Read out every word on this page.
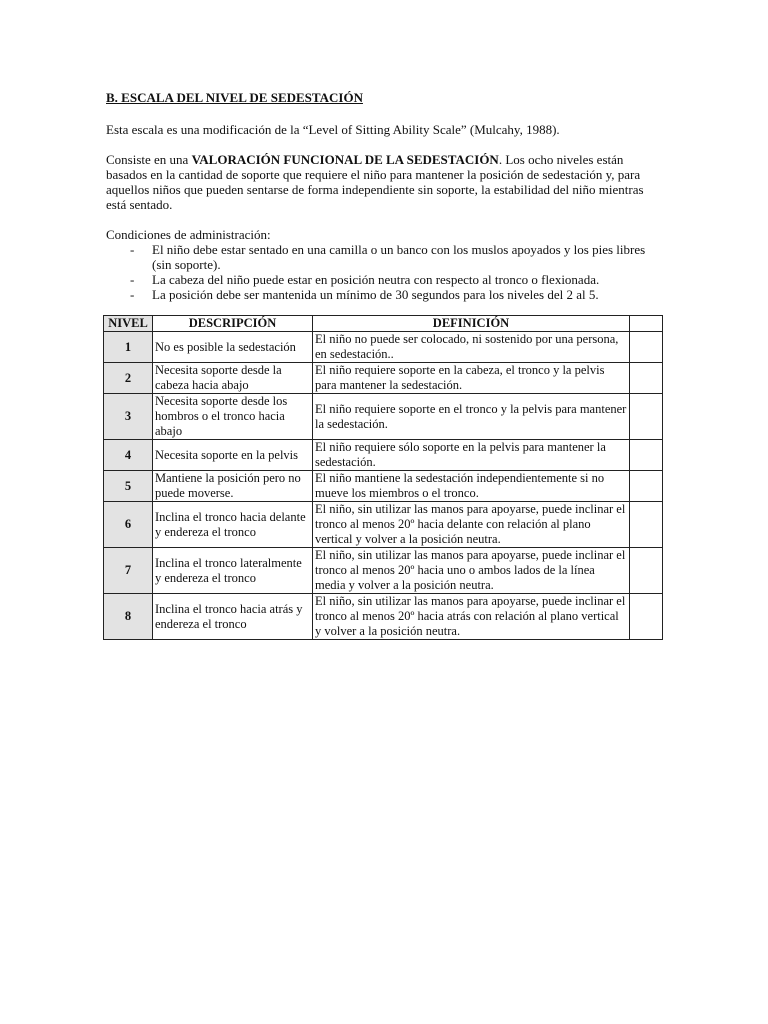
B. ESCALA DEL NIVEL DE SEDESTACIÓN

Esta escala es una modificación de la “Level of Sitting Ability Scale” (Mulcahy, 1988).

Consiste en una VALORACIÓN FUNCIONAL DE LA SEDESTACIÓN. Los ocho niveles están basados en la cantidad de soporte que requiere el niño para mantener la posición de sedestación y, para aquellos niños que pueden sentarse de forma independiente sin soporte, la estabilidad del niño mientras está sentado.

Condiciones de administración:

- El niño debe estar sentado en una camilla o un banco con los muslos apoyados y los pies libres (sin soporte).
- La cabeza del niño puede estar en posición neutra con respecto al tronco o flexionada.
- La posición debe ser mantenida un mínimo de 30 segundos para los niveles del 2 al 5.
NIVEL	DESCRIPCIÓN	DEFINICIÓN	
1	No es posible la sedestación	El niño no puede ser colocado, ni sostenido por una persona, en sedestación..	
2	Necesita soporte desde la cabeza hacia abajo	El niño requiere soporte en la cabeza, el tronco y la pelvis para mantener la sedestación.	
3	Necesita soporte desde los hombros o el tronco hacia abajo	El niño requiere soporte en el tronco y la pelvis para mantener la sedestación.	
4	Necesita soporte en la pelvis	El niño requiere sólo soporte en la pelvis para mantener la sedestación.	
5	Mantiene la posición pero no puede moverse.	El niño mantiene la sedestación independientemente si no mueve los miembros o el tronco.	
6	Inclina el tronco hacia delante y endereza el tronco	El niño, sin utilizar las manos para apoyarse, puede inclinar el tronco al menos 20º hacia delante con relación al plano vertical y volver a la posición neutra.	
7	Inclina el tronco lateralmente y endereza el tronco	El niño, sin utilizar las manos para apoyarse, puede inclinar el tronco al menos 20º hacia uno o ambos lados de la línea media y volver a la posición neutra.	
8	Inclina el tronco hacia atrás y endereza el tronco	El niño, sin utilizar las manos para apoyarse, puede inclinar el tronco al menos 20º hacia atrás con relación al plano vertical y volver a la posición neutra.	
